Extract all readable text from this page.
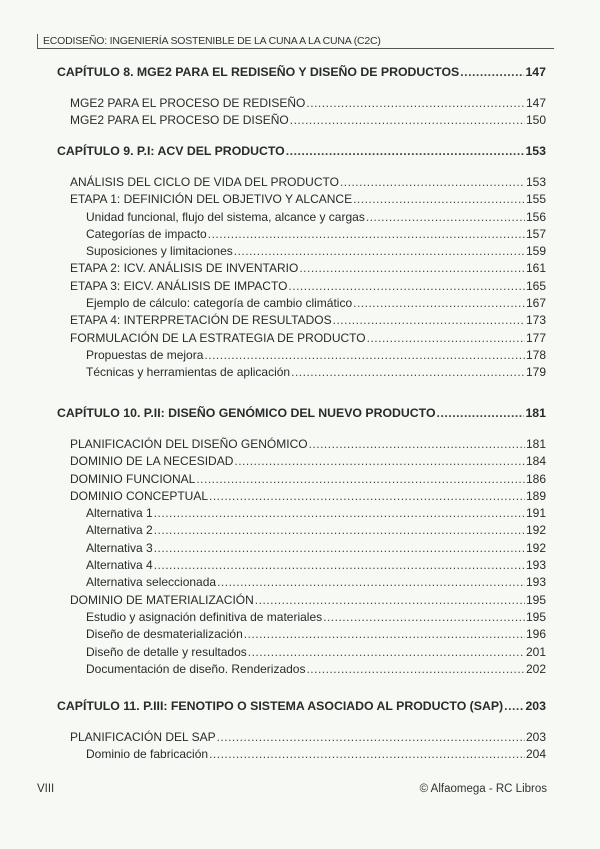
ECODISEÑO: INGENIERÍA SOSTENIBLE DE LA CUNA A LA CUNA (C2C)
CAPÍTULO 8. MGE2 PARA EL REDISEÑO Y DISEÑO DE PRODUCTOS .....	147
MGE2 PARA EL PROCESO DE REDISEÑO .....	147
MGE2 PARA EL PROCESO DE DISEÑO .....	150
CAPÍTULO 9. P.I: ACV DEL PRODUCTO .....	153
ANÁLISIS DEL CICLO DE VIDA DEL PRODUCTO .....	153
ETAPA 1: DEFINICIÓN DEL OBJETIVO Y ALCANCE .....	155
Unidad funcional, flujo del sistema, alcance y cargas .....	156
Categorías de impacto .....	157
Suposiciones y limitaciones .....	159
ETAPA 2: ICV. ANÁLISIS DE INVENTARIO .....	161
ETAPA 3: EICV. ANÁLISIS DE IMPACTO .....	165
Ejemplo de cálculo: categoría de cambio climático .....	167
ETAPA 4: INTERPRETACIÓN DE RESULTADOS .....	173
FORMULACIÓN DE LA ESTRATEGIA DE PRODUCTO .....	177
Propuestas de mejora .....	178
Técnicas y herramientas de aplicación .....	179
CAPÍTULO 10. P.II: DISEÑO GENÓMICO DEL NUEVO PRODUCTO .....	181
PLANIFICACIÓN DEL DISEÑO GENÓMICO .....	181
DOMINIO DE LA NECESIDAD .....	184
DOMINIO FUNCIONAL .....	186
DOMINIO CONCEPTUAL .....	189
Alternativa 1 .....	191
Alternativa 2 .....	192
Alternativa 3 .....	192
Alternativa 4 .....	193
Alternativa seleccionada .....	193
DOMINIO DE MATERIALIZACIÓN .....	195
Estudio y asignación definitiva de materiales .....	195
Diseño de desmaterialización .....	196
Diseño de detalle y resultados .....	201
Documentación de diseño. Renderizados .....	202
CAPÍTULO 11. P.III: FENOTIPO O SISTEMA ASOCIADO AL PRODUCTO (SAP) ..... 203
PLANIFICACIÓN DEL SAP .....	203
Dominio de fabricación .....	204
VIII	© Alfaomega - RC Libros
